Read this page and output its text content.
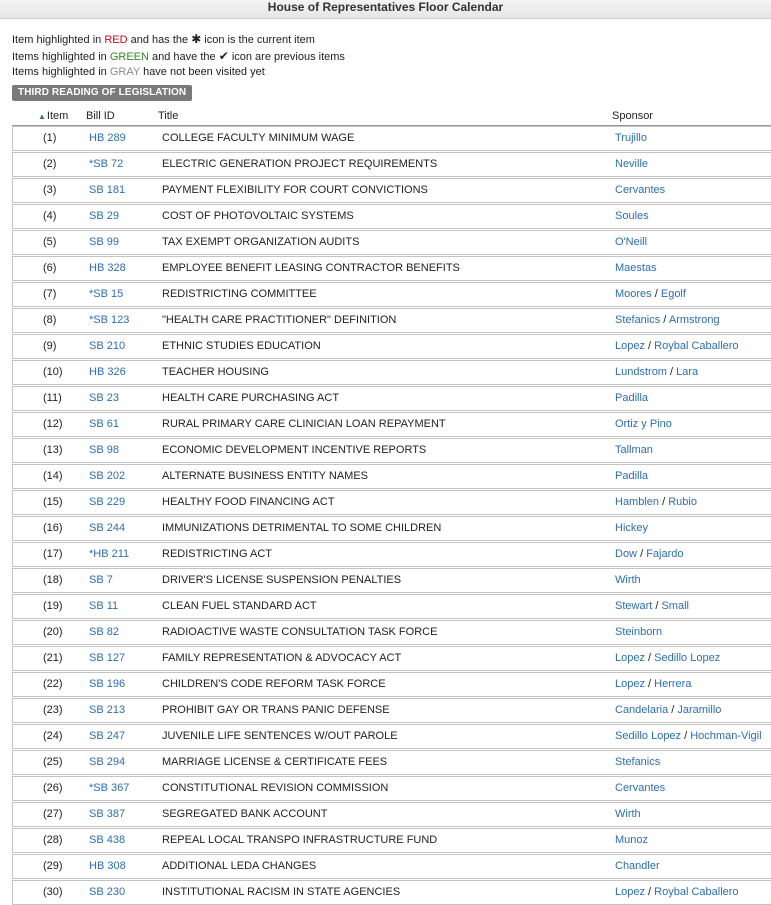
House of Representatives Floor Calendar
Item highlighted in RED and has the ✱ icon is the current item
Items highlighted in GREEN and have the ✔ icon are previous items
Items highlighted in GRAY have not been visited yet
THIRD READING OF LEGISLATION
▲Item Bill ID	Title	Sponsor
(1)	HB 289	COLLEGE FACULTY MINIMUM WAGE	Trujillo
(2)	*SB 72	ELECTRIC GENERATION PROJECT REQUIREMENTS	Neville
(3)	SB 181	PAYMENT FLEXIBILITY FOR COURT CONVICTIONS	Cervantes
(4)	SB 29	COST OF PHOTOVOLTAIC SYSTEMS	Soules
(5)	SB 99	TAX EXEMPT ORGANIZATION AUDITS	O'Neill
(6)	HB 328	EMPLOYEE BENEFIT LEASING CONTRACTOR BENEFITS	Maestas
(7)	*SB 15	REDISTRICTING COMMITTEE	Moores / Egolf
(8)	*SB 123	"HEALTH CARE PRACTITIONER" DEFINITION	Stefanics / Armstrong
(9)	SB 210	ETHNIC STUDIES EDUCATION	Lopez / Roybal Caballero
(10) HB 326	TEACHER HOUSING	Lundstrom / Lara
(11) SB 23	HEALTH CARE PURCHASING ACT	Padilla
(12) SB 61	RURAL PRIMARY CARE CLINICIAN LOAN REPAYMENT	Ortiz y Pino
(13) SB 98	ECONOMIC DEVELOPMENT INCENTIVE REPORTS	Tallman
(14) SB 202	ALTERNATE BUSINESS ENTITY NAMES	Padilla
(15) SB 229	HEALTHY FOOD FINANCING ACT	Hamblen / Rubio
(16) SB 244	IMMUNIZATIONS DETRIMENTAL TO SOME CHILDREN	Hickey
(17) *HB 211	REDISTRICTING ACT	Dow / Fajardo
(18) SB 7	DRIVER'S LICENSE SUSPENSION PENALTIES	Wirth
(19) SB 11	CLEAN FUEL STANDARD ACT	Stewart / Small
(20) SB 82	RADIOACTIVE WASTE CONSULTATION TASK FORCE	Steinborn
(21) SB 127	FAMILY REPRESENTATION & ADVOCACY ACT	Lopez / Sedillo Lopez
(22) SB 196	CHILDREN'S CODE REFORM TASK FORCE	Lopez / Herrera
(23) SB 213	PROHIBIT GAY OR TRANS PANIC DEFENSE	Candelaria / Jaramillo
(24) SB 247	JUVENILE LIFE SENTENCES W/OUT PAROLE	Sedillo Lopez / Hochman-Vigil
(25) SB 294	MARRIAGE LICENSE & CERTIFICATE FEES	Stefanics
(26) *SB 367	CONSTITUTIONAL REVISION COMMISSION	Cervantes
(27) SB 387	SEGREGATED BANK ACCOUNT	Wirth
(28) SB 438	REPEAL LOCAL TRANSPO INFRASTRUCTURE FUND	Munoz
(29) HB 308	ADDITIONAL LEDA CHANGES	Chandler
(30) SB 230	INSTITUTIONAL RACISM IN STATE AGENCIES	Lopez / Roybal Caballero
